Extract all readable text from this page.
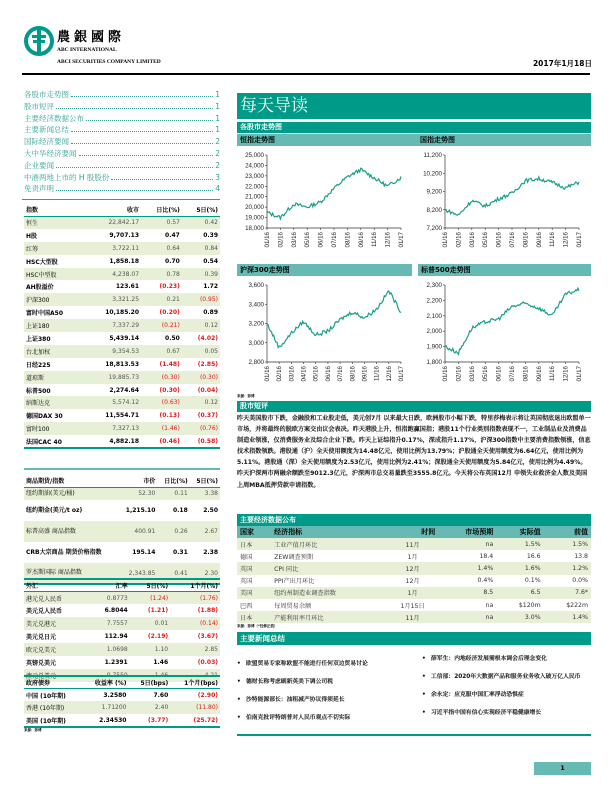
農銀國際
ABC INTERNATIONAL
ABCI SECURITIES COMPANY LIMITED	2017年1月18日
各股市走势图	1
股市短评	1
主要经济数据公布	1
主要新闻总结	1
国际经济要闻	2
大中华经济要闻	2
企业要闻	2
中港两地上市的 H 股股份	3
免责声明	4
指数	收市	日比(%)	5日(%)
恒生	22,842.17	0.57	0.42
H股	9,707.13	0.47	0.39
红筹	3,722.11	0.64	0.84
HSC大型股	1,858.18	0.70	0.54
HSC中型股	4,238.07	0.78	0.39
AH股溢价	123.61	(0.23)	1.72
沪深300	3,321.25	0.21	(0.95)
富时中国A50	10,185.20	(0.20)	0.89
上证180	7,337.29	(0.21)	0.12
上证380	5,439.14	0.50	(4.02)
台北加权	9,354.53	0.67	0.05
日经225	18,813.53	(1.48)	(2.85)
道琼斯	19,885.73	(0.30)	(0.30)
标普500	2,274.64	(0.30)	(0.04)
纳斯达克	5,574.12	(0.63)	0.12
德国DAX 30	11,554.71	(0.13)	(0.37)
富时100	7,327.13	(1.46)	(0.76)
法国CAC 40	4,882.18	(0.46)	(0.58)
商品期货/指数	市价	日比(%)	5日(%)
纽约期油(美元/桶)	52.30	0.11	3.38
纽约期金(美元/t oz)	1,215.10	0.18	2.50
标普高盛 商品指数	400.91	0.26	2.67
CRB大宗商品 期货价格指数	195.14	0.31	2.38
罗杰斯国际 商品指数	2,343.85	0.41	2.30
外汇	汇率	5日(%)	1个月(%)
港元兑人民币	0.8773	(1.24)	(1.76)
美元兑人民币	6.8044	(1.21)	(1.88)
美元兑港元	7.7557	0.01	(0.14)
美元兑日元	112.94	(2.19)	(3.67)
欧元兑美元	1.0698	1.10	2.85
英镑兑美元	1.2391	1.46	(0.03)
澳元兑美元	0.7550	1.46	4.21
政府债券	收益率 (%)	5日(bps)	1个月(bps)
中国 (10年期)	3.2580	7.60	(2.90)
香港 (10年期)	1.71200	2.40	(11.80)
美国 (10年期)	2.34530	(3.77)	(25.72)
来源：彭博
每天导读
各股市走势图
恒指走势图	国指走势图
18,000
19,000
20,000
21,000
22,000
23,000
24,000
25,000
01/16 02/16 03/16 05/16 06/16 07/16 08/16 09/16 11/16 12/16 01/17
7,200
8,200
9,200
10,200
11,200
01/16 02/16 03/16 05/16 06/16 07/16 08/16 09/16 11/16 12/16 01/17
沪深300走势图	标普500走势图
2,800
3,000
3,200
3,400
3,600
01/16 02/16 03/16 04/16 05/16 06/16 07/16 08/16 09/16 11/16 12/16 01/17
1,800
1,900
2,000
2,100
2,200
2,300
01/16 02/16 03/16 05/16 06/16 07/16 08/16 09/16 11/16 12/16 01/17
来源：彭博
股市短评
昨天美国股市下跌，金融股和工业股走低，美元创7月 以来最大日跌，欧洲股市小幅下跌，特里莎梅表示将让英国彻底退出欧盟单一市场，并将最终的脱欧方案交由议会表决。昨天港股上升，恒指跑赢国指；港股11个行业类别指数表现不一，工业制品业及消费品制造业领涨，仅消费服务业及综合企业下跌。昨天上证综指升0.17%，深成指升1.17%，沪深300指数中主要消费指数领涨，信息技术指数领跌。港股通（沪）全天使用额度为14.48亿元，使用比例为13.79%；沪股通全天使用额度为6.64亿元，使用比例为5.11%。港股通（深）全天使用额度为2.53亿元，使用比例为2.41%；深股通全天使用额度为5.84亿元，使用比例为4.49%。昨天沪深两市两融余额跌至9012.3亿元，沪深两市总交易量跌至3555.8亿元。今天将公布英国12月 申领失业救济金人数及美国上周MBA抵押贷款申请指数。
主要经济数据公布
国家	经济指标	时间	市场预期	实际值	前值
日本	工业产值月环比	11月	na	1.5%	1.5%
德国	ZEW调查预期	1月	18.4	16.6	13.8
英国	CPI 同比	12月	1.4%	1.6%	1.2%
英国	PPI产出月环比	12月	0.4%	0.1%	0.0%
美国	纽约州制造业调查指数	1月	8.5	6.5	7.6*
巴西	每周贸易余额	1月15日	na	$120m	$222m
日本	产能利用率月环比	11月	na	3.0%	1.4%
来源：彭博（*经修正值）
主要新闻总结
• 欧盟贸易专家称欧盟不能进行任何双边贸易讨论
• 德财长称考虑刷新英美下调公司税
• 沙特能源部长：油租减产协议得须延长
• 伯南克批评特朗普对人民币观点不切实际
• 薛军生：内地经济发展需根本调会后理念变化
• 工信部：2020年大数据产品和服务业务收入破万亿人民币
• 余永定：应克服中国汇率浮动恐惧症
• 习近平指中国有信心实现经济平稳健康增长
1
